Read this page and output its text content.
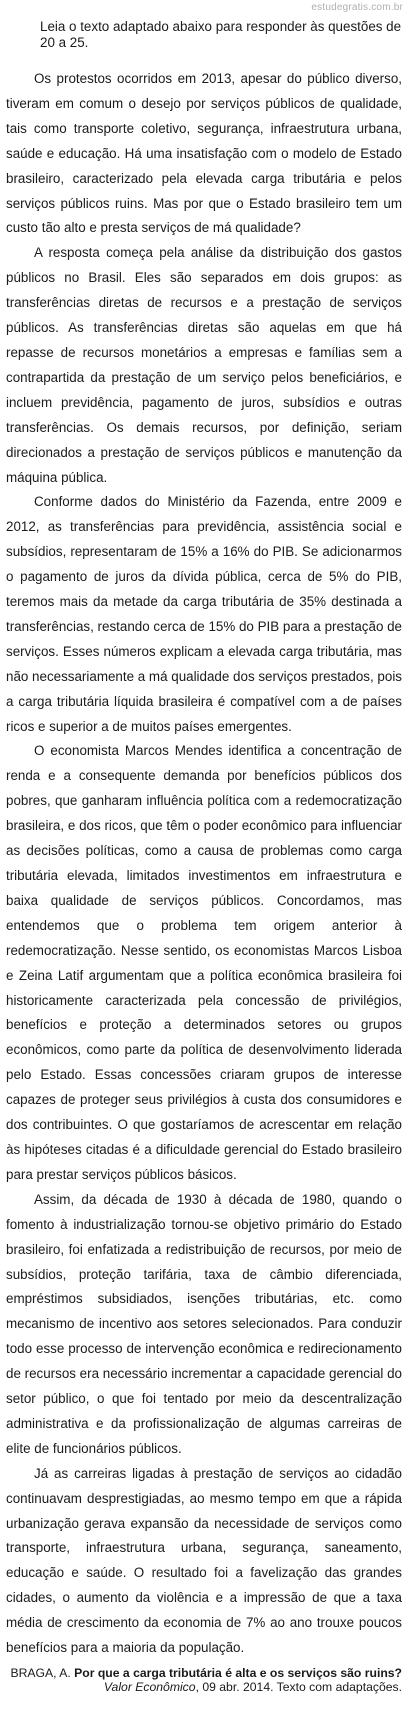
estudegratis.com.br

Leia o texto adaptado abaixo para responder às questões de 20 a 25.

Os protestos ocorridos em 2013, apesar do público diverso, tiveram em comum o desejo por serviços públicos de qualidade, tais como transporte coletivo, segurança, infraestrutura urbana, saúde e educação. Há uma insatisfação com o modelo de Estado brasileiro, caracterizado pela elevada carga tributária e pelos serviços públicos ruins. Mas por que o Estado brasileiro tem um custo tão alto e presta serviços de má qualidade?

A resposta começa pela análise da distribuição dos gastos públicos no Brasil. Eles são separados em dois grupos: as transferências diretas de recursos e a prestação de serviços públicos. As transferências diretas são aquelas em que há repasse de recursos monetários a empresas e famílias sem a contrapartida da prestação de um serviço pelos beneficiários, e incluem previdência, pagamento de juros, subsídios e outras transferências. Os demais recursos, por definição, seriam direcionados a prestação de serviços públicos e manutenção da máquina pública.

Conforme dados do Ministério da Fazenda, entre 2009 e 2012, as transferências para previdência, assistência social e subsídios, representaram de 15% a 16% do PIB. Se adicionarmos o pagamento de juros da dívida pública, cerca de 5% do PIB, teremos mais da metade da carga tributária de 35% destinada a transferências, restando cerca de 15% do PIB para a prestação de serviços. Esses números explicam a elevada carga tributária, mas não necessariamente a má qualidade dos serviços prestados, pois a carga tributária líquida brasileira é compatível com a de países ricos e superior a de muitos países emergentes.

O economista Marcos Mendes identifica a concentração de renda e a consequente demanda por benefícios públicos dos pobres, que ganharam influência política com a redemocratização brasileira, e dos ricos, que têm o poder econômico para influenciar as decisões políticas, como a causa de problemas como carga tributária elevada, limitados investimentos em infraestrutura e baixa qualidade de serviços públicos. Concordamos, mas entendemos que o problema tem origem anterior à redemocratização. Nesse sentido, os economistas Marcos Lisboa e Zeina Latif argumentam que a política econômica brasileira foi historicamente caracterizada pela concessão de privilégios, benefícios e proteção a determinados setores ou grupos econômicos, como parte da política de desenvolvimento liderada pelo Estado. Essas concessões criaram grupos de interesse capazes de proteger seus privilégios à custa dos consumidores e dos contribuintes. O que gostaríamos de acrescentar em relação às hipóteses citadas é a dificuldade gerencial do Estado brasileiro para prestar serviços públicos básicos.

Assim, da década de 1930 à década de 1980, quando o fomento à industrialização tornou-se objetivo primário do Estado brasileiro, foi enfatizada a redistribuição de recursos, por meio de subsídios, proteção tarifária, taxa de câmbio diferenciada, empréstimos subsidiados, isenções tributárias, etc. como mecanismo de incentivo aos setores selecionados. Para conduzir todo esse processo de intervenção econômica e redirecionamento de recursos era necessário incrementar a capacidade gerencial do setor público, o que foi tentado por meio da descentralização administrativa e da profissionalização de algumas carreiras de elite de funcionários públicos.

Já as carreiras ligadas à prestação de serviços ao cidadão continuavam desprestigiadas, ao mesmo tempo em que a rápida urbanização gerava expansão da necessidade de serviços como transporte, infraestrutura urbana, segurança, saneamento, educação e saúde. O resultado foi a favelização das grandes cidades, o aumento da violência e a impressão de que a taxa média de crescimento da economia de 7% ao ano trouxe poucos benefícios para a maioria da população.

BRAGA, A. Por que a carga tributária é alta e os serviços são ruins?
Valor Econômico, 09 abr. 2014. Texto com adaptações.
